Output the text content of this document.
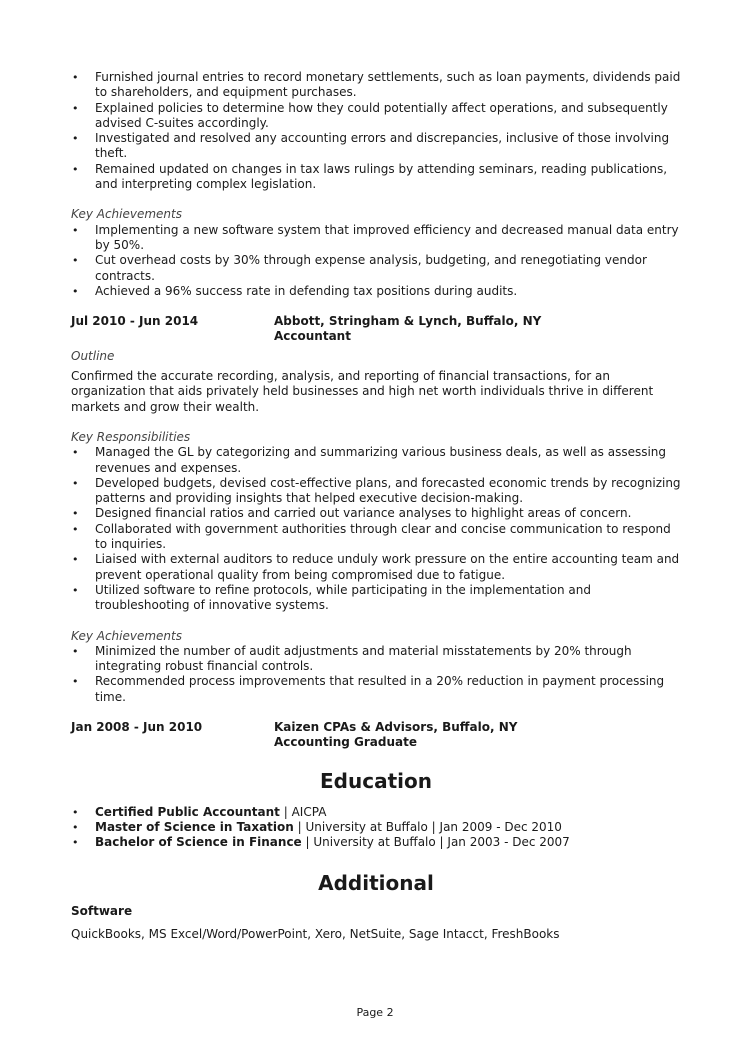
• Furnished journal entries to record monetary settlements, such as loan payments, dividends paid to shareholders, and equipment purchases.
• Explained policies to determine how they could potentially affect operations, and subsequently advised C-suites accordingly.
• Investigated and resolved any accounting errors and discrepancies, inclusive of those involving theft.
• Remained updated on changes in tax laws rulings by attending seminars, reading publications, and interpreting complex legislation.
Key Achievements
• Implementing a new software system that improved efficiency and decreased manual data entry by 50%.
• Cut overhead costs by 30% through expense analysis, budgeting, and renegotiating vendor contracts.
• Achieved a 96% success rate in defending tax positions during audits.
Jul 2010 - Jun 2014	Abbott, Stringham & Lynch, Buffalo, NY
Accountant
Outline
Confirmed the accurate recording, analysis, and reporting of financial transactions, for an organization that aids privately held businesses and high net worth individuals thrive in different markets and grow their wealth.
Key Responsibilities
• Managed the GL by categorizing and summarizing various business deals, as well as assessing revenues and expenses.
• Developed budgets, devised cost-effective plans, and forecasted economic trends by recognizing patterns and providing insights that helped executive decision-making.
• Designed financial ratios and carried out variance analyses to highlight areas of concern.
• Collaborated with government authorities through clear and concise communication to respond to inquiries.
• Liaised with external auditors to reduce unduly work pressure on the entire accounting team and prevent operational quality from being compromised due to fatigue.
• Utilized software to refine protocols, while participating in the implementation and troubleshooting of innovative systems.
Key Achievements
• Minimized the number of audit adjustments and material misstatements by 20% through integrating robust financial controls.
• Recommended process improvements that resulted in a 20% reduction in payment processing time.
Jan 2008 - Jun 2010	Kaizen CPAs & Advisors, Buffalo, NY
Accounting Graduate
Education
• Certified Public Accountant | AICPA
• Master of Science in Taxation | University at Buffalo | Jan 2009 - Dec 2010
• Bachelor of Science in Finance | University at Buffalo | Jan 2003 - Dec 2007
Additional
Software
QuickBooks, MS Excel/Word/PowerPoint, Xero, NetSuite, Sage Intacct, FreshBooks
Page 2
